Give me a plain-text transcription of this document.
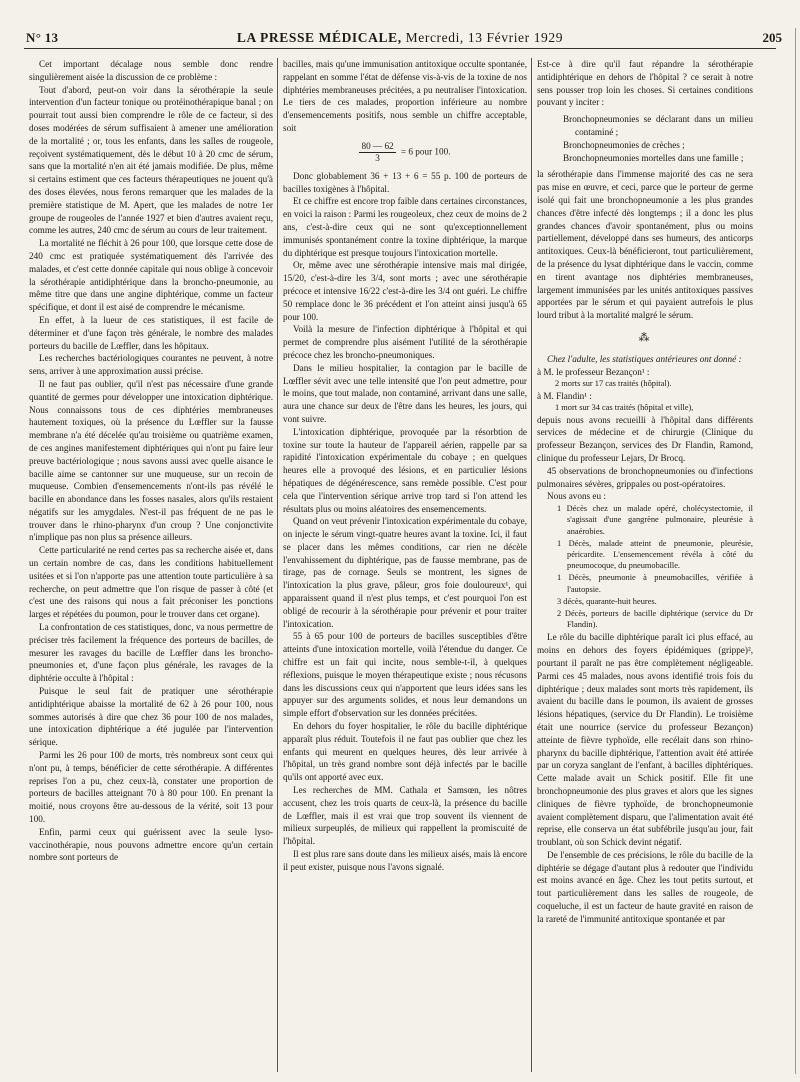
N° 13	LA PRESSE MÉDICALE, Mercredi, 13 Février 1929	205

Cet important décalage nous semble donc rendre singulièrement aisée la discussion de ce problème :

Tout d'abord, peut-on voir dans la sérothérapie la seule intervention d'un facteur tonique ou protéinothérapique banal ; on pourrait tout aussi bien comprendre le rôle de ce facteur, si des doses modérées de sérum suffisaient à amener une amélioration de la mortalité ; or, tous les enfants, dans les salles de rougeole, reçoivent systématiquement, dès le début 10 à 20 cmc de sérum, sans que la mortalité n'en ait été jamais modifiée. De plus, même si certains estiment que ces facteurs thérapeutiques ne jouent qu'à des doses élevées, nous ferons remarquer que les malades de la première statistique de M. Apert, que les malades de notre 1er groupe de rougeoles de l'année 1927 et bien d'autres avaient reçu, comme les autres, 240 cmc de sérum au cours de leur traitement.

La mortalité ne fléchit à 26 pour 100, que lorsque cette dose de 240 cmc est pratiquée systématiquement dès l'arrivée des malades, et c'est cette donnée capitale qui nous oblige à concevoir la sérothérapie antidiphtérique dans la broncho-pneumonie, au même titre que dans une angine diphtérique, comme un facteur spécifique, et dont il est aisé de comprendre le mécanisme.

En effet, à la lueur de ces statistiques, il est facile de déterminer et d'une façon très générale, le nombre des malades porteurs du bacille de Lœffler, dans les hôpitaux.

Les recherches bactériologiques courantes ne peuvent, à notre sens, arriver à une approximation aussi précise.

Il ne faut pas oublier, qu'il n'est pas nécessaire d'une grande quantité de germes pour développer une intoxication diphtérique. Nous connaissons tous de ces diphtéries membraneuses hautement toxiques, où la présence du Lœffler sur la fausse membrane n'a été décelée qu'au troisième ou quatrième examen, de ces angines manifestement diphtériques qui n'ont pu faire leur preuve bactériologique ; nous savons aussi avec quelle aisance le bacille aime se cantonner sur une muqueuse, sur un recoin de muqueuse. Combien d'ensemencements n'ont-ils pas révélé le bacille en abondance dans les fosses nasales, alors qu'ils restaient négatifs sur les amygdales. N'est-il pas fréquent de ne pas le trouver dans le rhino-pharynx d'un croup ? Une conjonctivite n'implique pas non plus sa présence ailleurs.

Cette particularité ne rend certes pas sa recherche aisée et, dans un certain nombre de cas, dans les conditions habituellement usitées et si l'on n'apporte pas une attention toute particulière à sa recherche, on peut admettre que l'on risque de passer à côté (et c'est une des raisons qui nous a fait préconiser les ponctions larges et répétées du poumon, pour le trouver dans cet organe).

La confrontation de ces statistiques, donc, va nous permettre de préciser très facilement la fréquence des porteurs de bacilles, de mesurer les ravages du bacille de Lœffler dans les broncho-pneumonies et, d'une façon plus générale, les ravages de la diphtérie occulte à l'hôpital :

Puisque le seul fait de pratiquer une sérothérapie antidiphtérique abaisse la mortalité de 62 à 26 pour 100, nous sommes autorisés à dire que chez 36 pour 100 de nos malades, une intoxication diphtérique a été jugulée par l'intervention sérique.

Parmi les 26 pour 100 de morts, très nombreux sont ceux qui n'ont pu, à temps, bénéficier de cette sérothérapie. A différentes reprises l'on a pu, chez ceux-là, constater une proportion de porteurs de bacilles atteignant 70 à 80 pour 100. En prenant la moitié, nous croyons être au-dessous de la vérité, soit 13 pour 100.

Enfin, parmi ceux qui guérissent avec la seule lyso-vaccinothérapie, nous pouvons admettre encore qu'un certain nombre sont porteurs de

bacilles, mais qu'une immunisation antitoxique occulte spontanée, rappelant en somme l'état de défense vis-à-vis de la toxine de nos diphtéries membraneuses précitées, a pu neutraliser l'intoxication. Le tiers de ces malades, proportion inférieure au nombre d'ensemencements positifs, nous semble un chiffre acceptable, soit

$\frac{80 — 62}{3} = 6$ pour 100.

Donc globablement 36 + 13 + 6 = 55 p. 100 de porteurs de bacilles toxigènes à l'hôpital.

Et ce chiffre est encore trop faible dans certaines circonstances, en voici la raison : Parmi les rougeoleux, chez ceux de moins de 2 ans, c'est-à-dire ceux qui ne sont qu'exceptionnellement immunisés spontanément contre la toxine diphtérique, la marque du diphtérique est presque toujours l'intoxication mortelle.

Or, même avec une sérothérapie intensive mais mal dirigée, 15/20, c'est-à-dire les 3/4, sont morts ; avec une sérothérapie précoce et intensive 16/22 c'est-à-dire les 3/4 ont guéri. Le chiffre 50 remplace donc le 36 précédent et l'on atteint ainsi jusqu'à 65 pour 100.

Voilà la mesure de l'infection diphtérique à l'hôpital et qui permet de comprendre plus aisément l'utilité de la sérothérapie précoce chez les broncho-pneumoniques.

Dans le milieu hospitalier, la contagion par le bacille de Lœffler sévit avec une telle intensité que l'on peut admettre, pour le moins, que tout malade, non contaminé, arrivant dans une salle, aura une chance sur deux de l'être dans les heures, les jours, qui vont suivre.

L'intoxication diphtérique, provoquée par la résorbtion de toxine sur toute la hauteur de l'appareil aérien, rappelle par sa rapidité l'intoxication expérimentale du cobaye ; en quelques heures elle a provoqué des lésions, et en particulier lésions hépatiques de dégénérescence, sans remède possible. C'est pour cela que l'intervention sérique arrive trop tard si l'on attend les résultats plus ou moins aléatoires des ensemencements.

Quand on veut prévenir l'intoxication expérimentale du cobaye, on injecte le sérum vingt-quatre heures avant la toxine. Ici, il faut se placer dans les mêmes conditions, car rien ne décèle l'envahissement du diphtérique, pas de fausse membrane, pas de tirage, pas de cornage. Seuls se montrent, les signes de l'intoxication la plus grave, pâleur, gros foie douloureux¹, qui apparaissent quand il n'est plus temps, et c'est pourquoi l'on est obligé de recourir à la sérothérapie pour prévenir et pour traiter l'intoxication.

55 à 65 pour 100 de porteurs de bacilles susceptibles d'être atteints d'une intoxication mortelle, voilà l'étendue du danger. Ce chiffre est un fait qui incite, nous semble-t-il, à quelques réflexions, puisque le moyen thérapeutique existe ; nous récusons dans les discussions ceux qui n'apportent que leurs idées sans les appuyer sur des arguments solides, et nous leur demandons un simple effort d'observation sur les données précitées.

En dehors du foyer hospitalier, le rôle du bacille diphtérique apparaît plus réduit. Toutefois il ne faut pas oublier que chez les enfants qui meurent en quelques heures, dès leur arrivée à l'hôpital, un très grand nombre sont déjà infectés par le bacille qu'ils ont apporté avec eux.

Les recherches de MM. Cathala et Samsœn, les nôtres accusent, chez les trois quarts de ceux-là, la présence du bacille de Lœffler, mais il est vrai que trop souvent ils viennent de milieux surpeuplés, de milieux qui rappellent la promiscuité de l'hôpital.

Il est plus rare sans doute dans les milieux aisés, mais là encore il peut exister, puisque nous l'avons signalé.

Est-ce à dire qu'il faut répandre la sérothérapie antidiphtérique en dehors de l'hôpital ? ce serait à notre sens pousser trop loin les choses. Si certaines conditions pouvant y inciter :

Bronchopneumonies se déclarant dans un milieu contaminé ;
Bronchopneumonies de crèches ;
Bronchopneumonies mortelles dans une famille ;

la sérothérapie dans l'immense majorité des cas ne sera pas mise en œuvre, et ceci, parce que le porteur de germe isolé qui fait une bronchopneumonie a les plus grandes chances d'être infecté dès longtemps ; il a donc les plus grandes chances d'avoir spontanément, plus ou moins partiellement, développé dans ses humeurs, des anticorps antitoxiques. Ceux-là bénéficieront, tout particulièrement, de la présence du lysat diphtérique dans le vaccin, comme en tirent avantage nos diphtéries membraneuses, largement immunisées par les unités antitoxiques passives apportées par le sérum et qui payaient autrefois le plus lourd tribut à la mortalité malgré le sérum.

⁂

Chez l'adulte, les statistiques antérieures ont donné :

à M. le professeur Bezançon¹ :

2 morts sur 17 cas traités (hôpital).

à M. Flandin¹ :

1 mort sur 34 cas traités (hôpital et ville),

depuis nous avons recueilli à l'hôpital dans différents services de médecine et de chirurgie (Clinique du professeur Bezançon, services des Dr Flandin, Ramond, clinique du professeur Lejars, Dr Brocq.

45 observations de bronchopneumonies ou d'infections pulmonaires sévères, grippales ou post-opératoires.

Nous avons eu :

1 Décès chez un malade opéré, cholécystectomie, il s'agissait d'une gangrène pulmonaire, pleurésie à anaérobies.
1 Décès, malade atteint de pneumonie, pleurésie, péricardite. L'ensemencement révéla à côté du pneumocoque, du pneumobacille.
1 Décès, pneumonie à pneumobacilles, vérifiée à l'autopsie.
3 décès, quarante-huit heures.
2 Décès, porteurs de bacille diphtérique (service du Dr Flandin).

Le rôle du bacille diphtérique paraît ici plus effacé, au moins en dehors des foyers épidémiques (grippe)², pourtant il paraît ne pas être complètement négligeable. Parmi ces 45 malades, nous avons identifié trois fois du diphtérique ; deux malades sont morts très rapidement, ils avaient du bacille dans le poumon, ils avaient de grosses lésions hépatiques, (service du Dr Flandin). Le troisième était une nourrice (service du professeur Bezançon) atteinte de fièvre typhoïde, elle recélait dans son rhino-pharynx du bacille diphtérique, l'attention avait été attirée par un coryza sanglant de l'enfant, à bacilles diphtériques. Cette malade avait un Schick positif. Elle fit une bronchopneumonie des plus graves et alors que les signes cliniques de fièvre typhoïde, de bronchopneumonie avaient complètement disparu, que l'alimentation avait été reprise, elle conserva un état subfébrile jusqu'au jour, fait troublant, où son Schick devint négatif.

De l'ensemble de ces précisions, le rôle du bacille de la diphtérie se dégage d'autant plus à redouter que l'individu est moins avancé en âge. Chez les tout petits surtout, et tout particulièrement dans les salles de rougeole, de coqueluche, il est un facteur de haute gravité en raison de la rareté de l'immunité antitoxique spontanée et par
